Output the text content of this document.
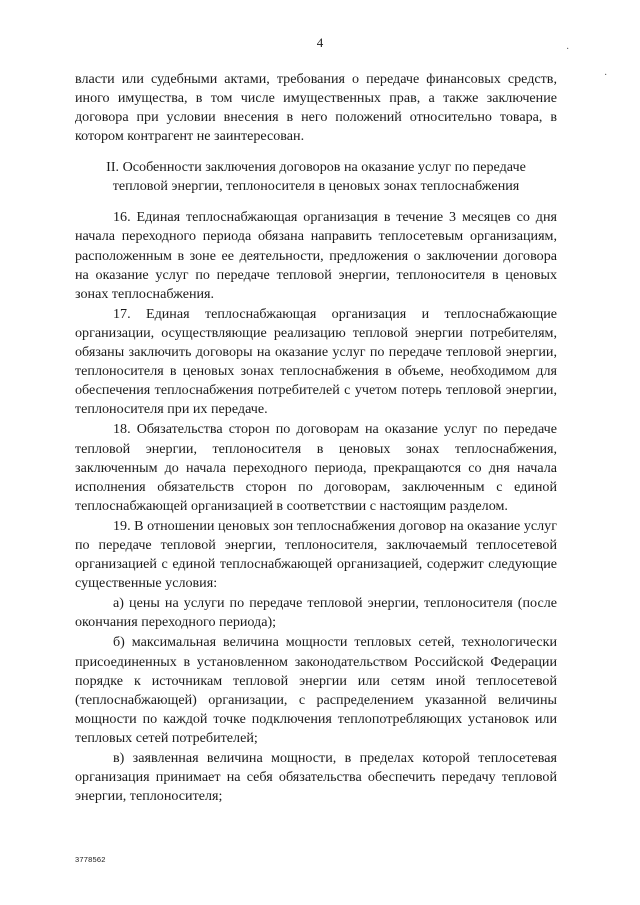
4	·
·

власти или судебными актами, требования о передаче финансовых средств, иного имущества, в том числе имущественных прав, а также заключение договора при условии внесения в него положений относительно товара, в котором контрагент не заинтересован.

II. Особенности заключения договоров на оказание услуг по передаче
тепловой энергии, теплоносителя в ценовых зонах теплоснабжения

16. Единая теплоснабжающая организация в течение 3 месяцев со дня начала переходного периода обязана направить теплосетевым организациям, расположенным в зоне ее деятельности, предложения о заключении договора на оказание услуг по передаче тепловой энергии, теплоносителя в ценовых зонах теплоснабжения.

17. Единая теплоснабжающая организация и теплоснабжающие организации, осуществляющие реализацию тепловой энергии потребителям, обязаны заключить договоры на оказание услуг по передаче тепловой энергии, теплоносителя в ценовых зонах теплоснабжения в объеме, необходимом для обеспечения теплоснабжения потребителей с учетом потерь тепловой энергии, теплоносителя при их передаче.

18. Обязательства сторон по договорам на оказание услуг по передаче тепловой энергии, теплоносителя в ценовых зонах теплоснабжения, заключенным до начала переходного периода, прекращаются со дня начала исполнения обязательств сторон по договорам, заключенным с единой теплоснабжающей организацией в соответствии с настоящим разделом.

19. В отношении ценовых зон теплоснабжения договор на оказание услуг по передаче тепловой энергии, теплоносителя, заключаемый теплосетевой организацией с единой теплоснабжающей организацией, содержит следующие существенные условия:

а) цены на услуги по передаче тепловой энергии, теплоносителя (после окончания переходного периода);

б) максимальная величина мощности тепловых сетей, технологически присоединенных в установленном законодательством Российской Федерации порядке к источникам тепловой энергии или сетям иной теплосетевой (теплоснабжающей) организации, с распределением указанной величины мощности по каждой точке подключения теплопотребляющих установок или тепловых сетей потребителей;

в) заявленная величина мощности, в пределах которой теплосетевая организация принимает на себя обязательства обеспечить передачу тепловой энергии, теплоносителя;

3778562
